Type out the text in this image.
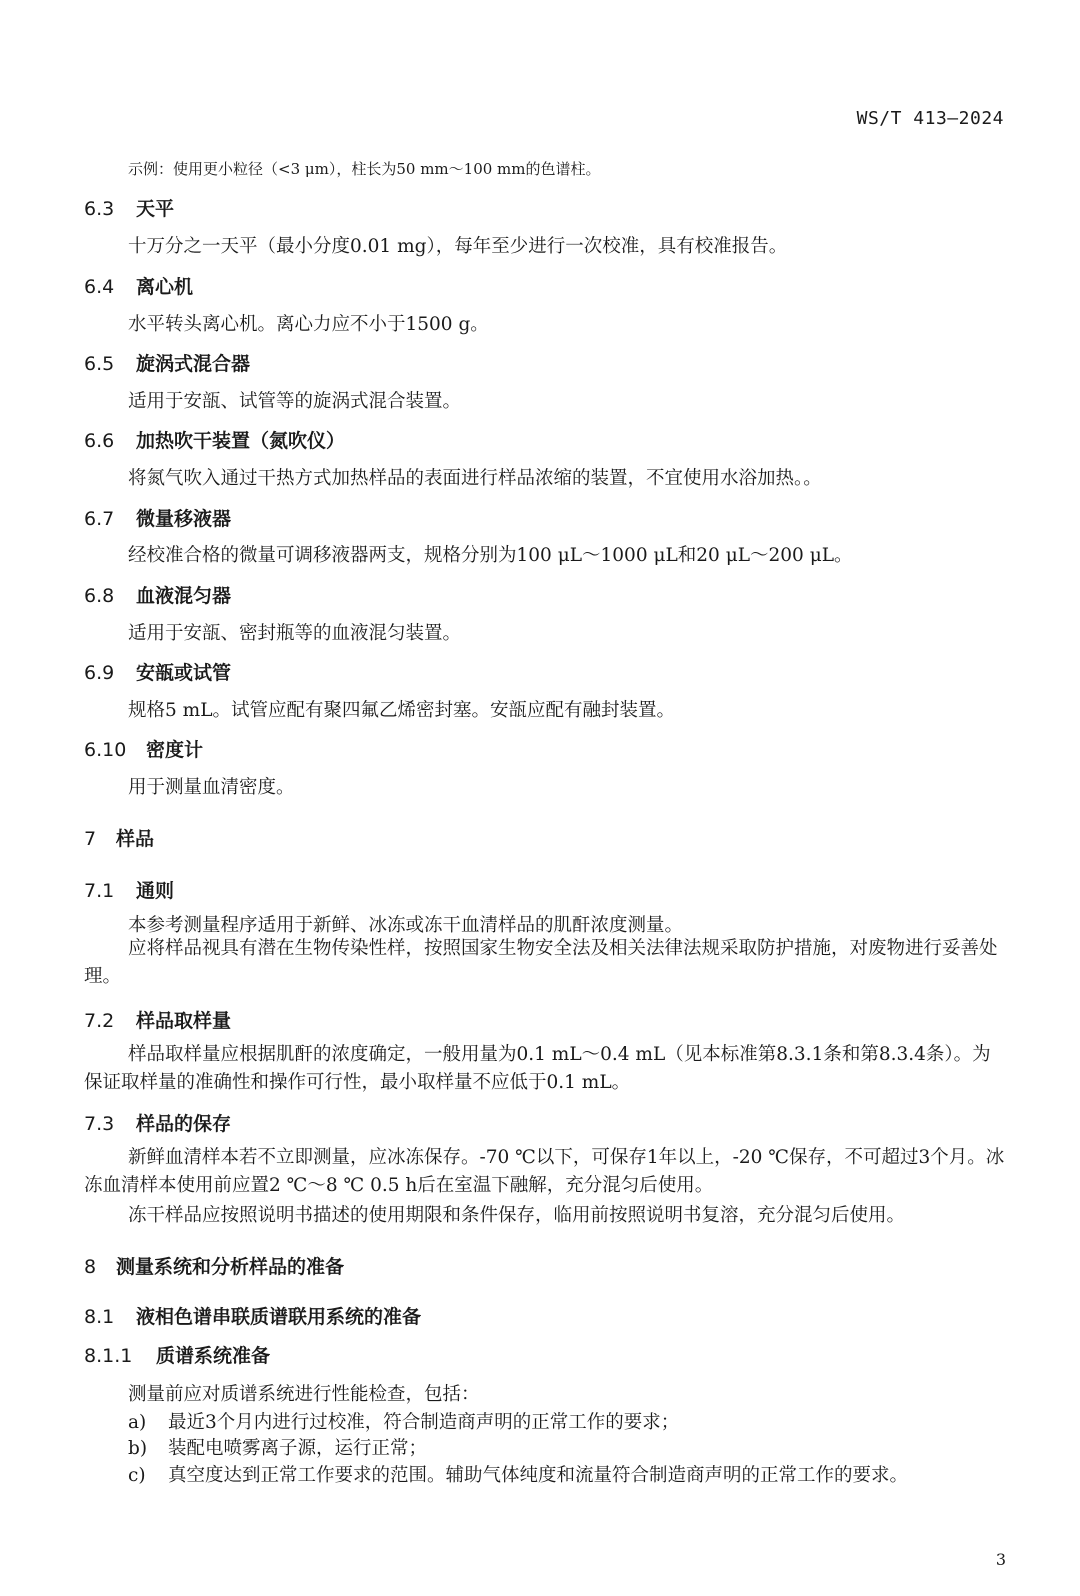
WS/T 413—2024
示例：使用更小粒径（<3 μm），柱长为50 mm～100 mm的色谱柱。
6.3 天平
十万分之一天平（最小分度0.01 mg），每年至少进行一次校准，具有校准报告。
6.4 离心机
水平转头离心机。离心力应不小于1500 g。
6.5 旋涡式混合器
适用于安瓿、试管等的旋涡式混合装置。
6.6 加热吹干装置（氮吹仪）
将氮气吹入通过干热方式加热样品的表面进行样品浓缩的装置，不宜使用水浴加热。。
6.7 微量移液器
经校准合格的微量可调移液器两支，规格分别为100 μL～1000 μL和20 μL～200 μL。
6.8 血液混匀器
适用于安瓿、密封瓶等的血液混匀装置。
6.9 安瓿或试管
规格5 mL。试管应配有聚四氟乙烯密封塞。安瓿应配有融封装置。
6.10 密度计
用于测量血清密度。
7 样品
7.1 通则
本参考测量程序适用于新鲜、冰冻或冻干血清样品的肌酐浓度测量。
应将样品视具有潜在生物传染性样，按照国家生物安全法及相关法律法规采取防护措施，对废物进行妥善处理。
7.2 样品取样量
样品取样量应根据肌酐的浓度确定，一般用量为0.1 mL～0.4 mL（见本标准第8.3.1条和第8.3.4条）。为保证取样量的准确性和操作可行性，最小取样量不应低于0.1 mL。
7.3 样品的保存
新鲜血清样本若不立即测量，应冰冻保存。-70 ℃以下，可保存1年以上，-20 ℃保存，不可超过3个月。冰冻血清样本使用前应置2 ℃～8 ℃ 0.5 h后在室温下融解，充分混匀后使用。
冻干样品应按照说明书描述的使用期限和条件保存，临用前按照说明书复溶，充分混匀后使用。
8 测量系统和分析样品的准备
8.1 液相色谱串联质谱联用系统的准备
8.1.1 质谱系统准备
测量前应对质谱系统进行性能检查，包括：
a) 最近3个月内进行过校准，符合制造商声明的正常工作的要求；
b) 装配电喷雾离子源，运行正常；
c) 真空度达到正常工作要求的范围。辅助气体纯度和流量符合制造商声明的正常工作的要求。
3
